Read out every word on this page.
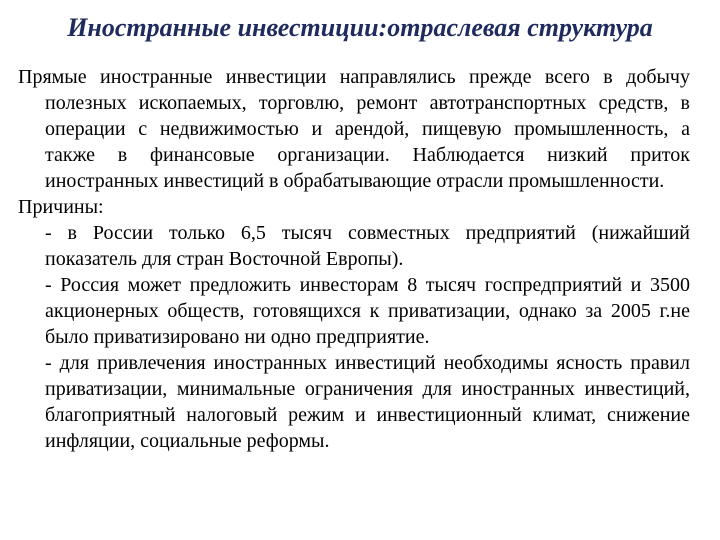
Иностранные инвестиции:отраслевая структура

Прямые иностранные инвестиции направлялись прежде всего в добычу полезных ископаемых, торговлю, ремонт автотранспортных средств, в операции с недвижимостью и арендой, пищевую промышленность, а также в финансовые организации. Наблюдается низкий приток иностранных инвестиций в обрабатывающие отрасли промышленности.

Причины:

- в России только 6,5 тысяч совместных предприятий (нижайший показатель для стран Восточной Европы).

- Россия может предложить инвесторам 8 тысяч госпредприятий и 3500 акционерных обществ, готовящихся к приватизации, однако за 2005 г.не было приватизировано ни одно предприятие.

- для привлечения иностранных инвестиций необходимы ясность правил приватизации, минимальные ограничения для иностранных инвестиций, благоприятный налоговый режим и инвестиционный климат, снижение инфляции, социальные реформы.
